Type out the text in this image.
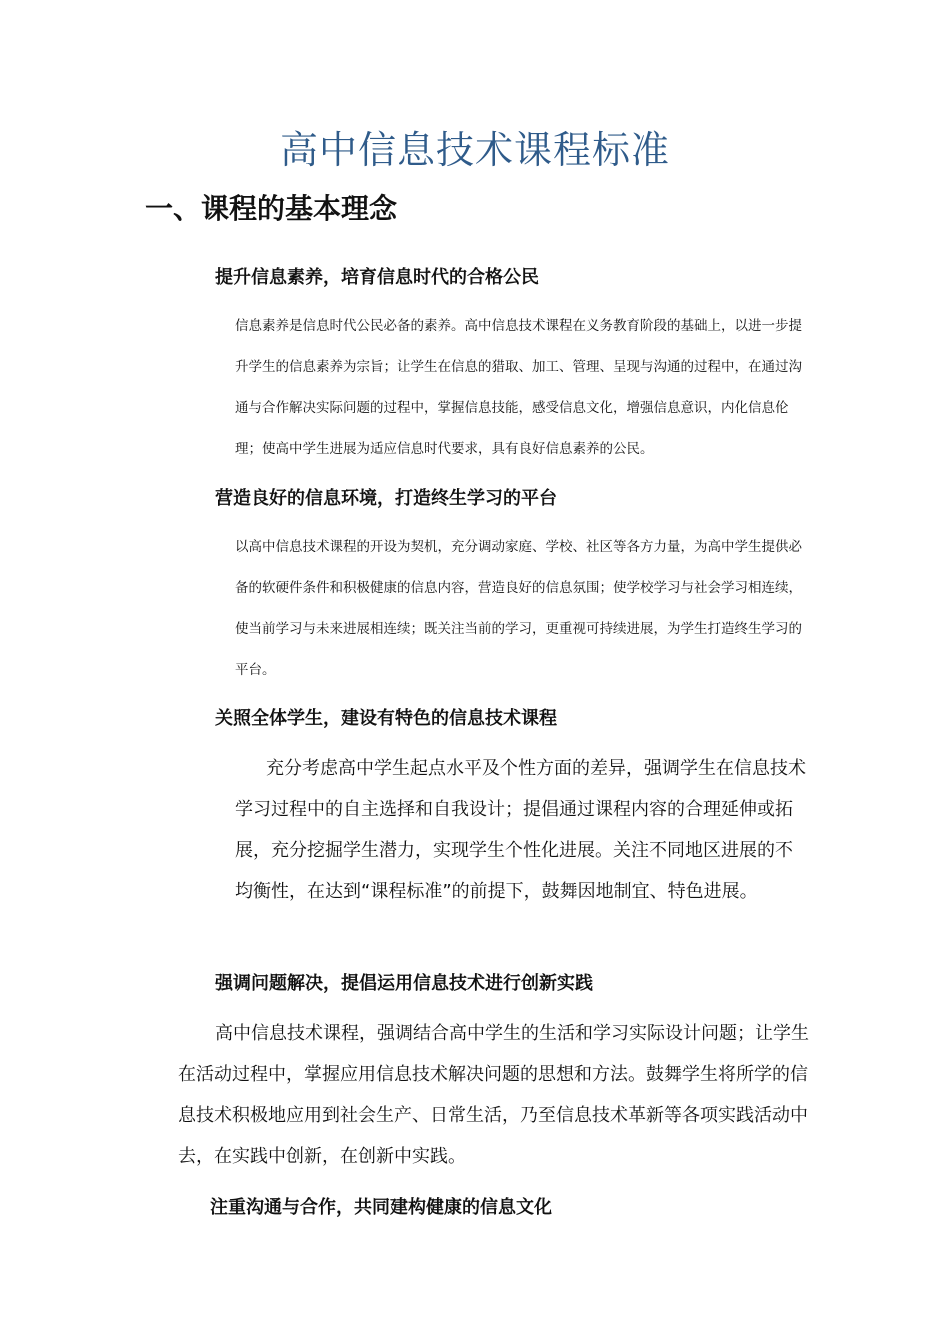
高中信息技术课程标准
一、课程的基本理念
提升信息素养，培育信息时代的合格公民

信息素养是信息时代公民必备的素养。高中信息技术课程在义务教育阶段的基础上，以进一步提升学生的信息素养为宗旨；让学生在信息的猎取、加工、管理、呈现与沟通的过程中，在通过沟通与合作解决实际问题的过程中，掌握信息技能，感受信息文化，增强信息意识，内化信息伦理；使高中学生进展为适应信息时代要求，具有良好信息素养的公民。

营造良好的信息环境，打造终生学习的平台

以高中信息技术课程的开设为契机，充分调动家庭、学校、社区等各方力量，为高中学生提供必备的软硬件条件和积极健康的信息内容，营造良好的信息氛围；使学校学习与社会学习相连续，使当前学习与未来进展相连续；既关注当前的学习，更重视可持续进展，为学生打造终生学习的平台。

关照全体学生，建设有特色的信息技术课程

充分考虑高中学生起点水平及个性方面的差异，强调学生在信息技术学习过程中的自主选择和自我设计；提倡通过课程内容的合理延伸或拓展，充分挖掘学生潜力，实现学生个性化进展。关注不同地区进展的不均衡性，在达到“课程标准”的前提下，鼓舞因地制宜、特色进展。

强调问题解决，提倡运用信息技术进行创新实践

高中信息技术课程，强调结合高中学生的生活和学习实际设计问题；让学生在活动过程中，掌握应用信息技术解决问题的思想和方法。鼓舞学生将所学的信息技术积极地应用到社会生产、日常生活，乃至信息技术革新等各项实践活动中去，在实践中创新，在创新中实践。

注重沟通与合作，共同建构健康的信息文化
